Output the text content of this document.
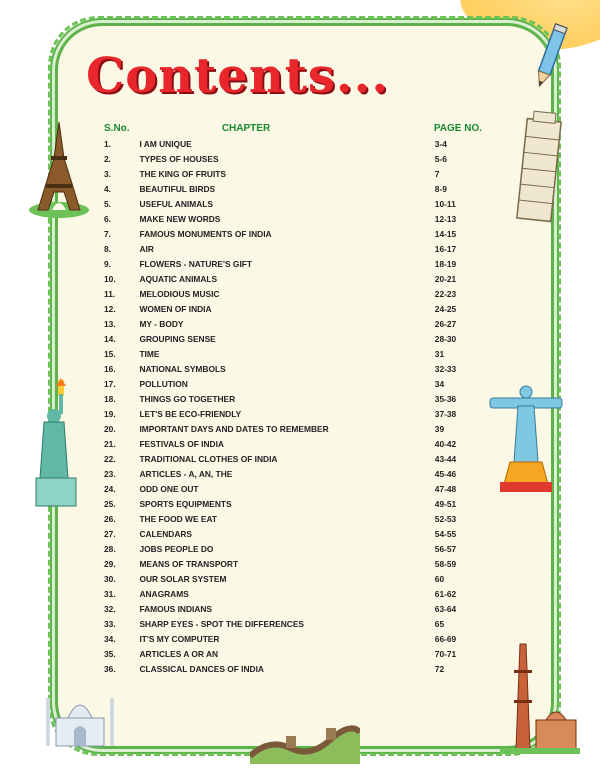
Contents...
S.No.	CHAPTER	PAGE NO.
1.	I AM UNIQUE	3-4
2.	TYPES OF HOUSES	5-6
3.	THE KING OF FRUITS	7
4.	BEAUTIFUL BIRDS	8-9
5.	USEFUL ANIMALS	10-11
6.	MAKE NEW WORDS	12-13
7.	FAMOUS MONUMENTS OF INDIA	14-15
8.	AIR	16-17
9.	FLOWERS - NATURE'S GIFT	18-19
10.	AQUATIC ANIMALS	20-21
11.	MELODIOUS MUSIC	22-23
12.	WOMEN OF INDIA	24-25
13.	MY - BODY	26-27
14.	GROUPING SENSE	28-30
15.	TIME	31
16.	NATIONAL SYMBOLS	32-33
17.	POLLUTION	34
18.	THINGS GO TOGETHER	35-36
19.	LET'S BE ECO-FRIENDLY	37-38
20.	IMPORTANT DAYS AND DATES TO REMEMBER	39
21.	FESTIVALS OF INDIA	40-42
22.	TRADITIONAL CLOTHES OF INDIA	43-44
23.	ARTICLES - A, AN, THE	45-46
24.	ODD ONE OUT	47-48
25.	SPORTS EQUIPMENTS	49-51
26.	THE FOOD WE EAT	52-53
27.	CALENDARS	54-55
28.	JOBS PEOPLE DO	56-57
29.	MEANS OF TRANSPORT	58-59
30.	OUR SOLAR SYSTEM	60
31.	ANAGRAMS	61-62
32.	FAMOUS INDIANS	63-64
33.	SHARP EYES - SPOT THE DIFFERENCES	65
34.	IT'S MY COMPUTER	66-69
35.	ARTICLES A OR AN	70-71
36.	CLASSICAL DANCES OF INDIA	72
